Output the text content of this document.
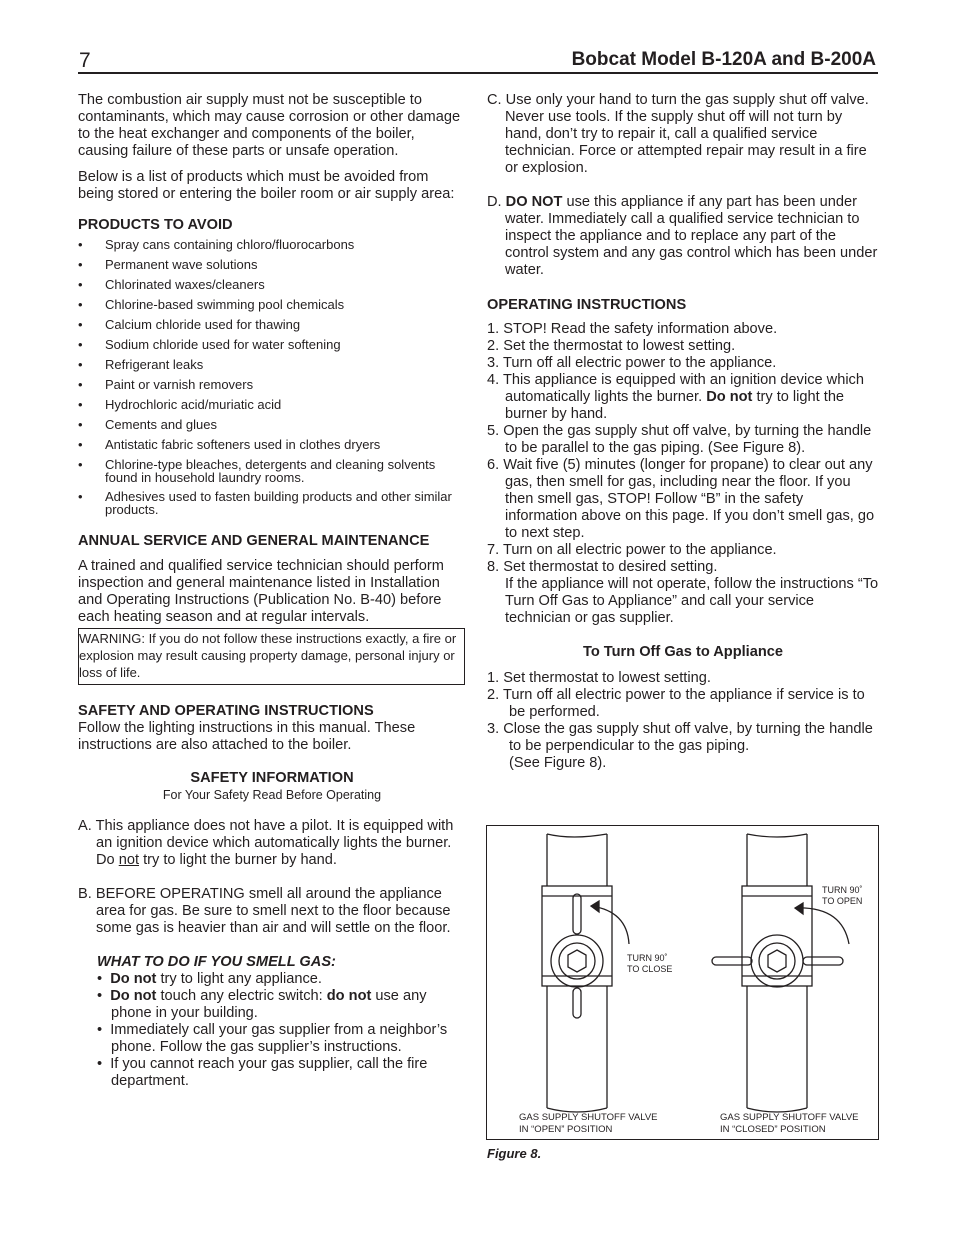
7	Bobcat Model B-120A and B-200A

The combustion air supply must not be susceptible to contaminants, which may cause corrosion or other damage to the heat exchanger and components of the boiler, causing failure of these parts or unsafe operation.

Below is a list of products which must be avoided from being stored or entering the boiler room or air supply area:

PRODUCTS TO AVOID

• Spray cans containing chloro/fluorocarbons
• Permanent wave solutions
• Chlorinated waxes/cleaners
• Chlorine-based swimming pool chemicals
• Calcium chloride used for thawing
• Sodium chloride used for water softening
• Refrigerant leaks
• Paint or varnish removers
• Hydrochloric acid/muriatic acid
• Cements and glues
• Antistatic fabric softeners used in clothes dryers
• Chlorine-type bleaches, detergents and cleaning solvents found in household laundry rooms.
• Adhesives used to fasten building products and other similar products.

ANNUAL SERVICE AND GENERAL MAINTENANCE

A trained and qualified service technician should perform inspection and general maintenance listed in Installation and Operating Instructions (Publication No. B-40) before each heating season and at regular intervals.

WARNING: If you do not follow these instructions exactly, a fire or explosion may result causing property damage, personal injury or loss of life.

SAFETY AND OPERATING INSTRUCTIONS

Follow the lighting instructions in this manual. These instructions are also attached to the boiler.

SAFETY INFORMATION

For Your Safety Read Before Operating

A. This appliance does not have a pilot. It is equipped with an ignition device which automatically lights the burner. Do not try to light the burner by hand.

B. BEFORE OPERATING smell all around the appliance area for gas. Be sure to smell next to the floor because some gas is heavier than air and will settle on the floor.

WHAT TO DO IF YOU SMELL GAS:

•  Do not try to light any appliance.
•  Do not touch any electric switch: do not use any phone in your building.
•  Immediately call your gas supplier from a neighbor’s phone. Follow the gas supplier’s instructions.
•  If you cannot reach your gas supplier, call the fire department.

C. Use only your hand to turn the gas supply shut off valve. Never use tools. If the supply shut off will not turn by hand, don’t try to repair it, call a qualified service technician. Force or attempted repair may result in a fire or explosion.

D. DO NOT use this appliance if any part has been under water. Immediately call a qualified service technician to inspect the appliance and to replace any part of the control system and any gas control which has been under water.

OPERATING INSTRUCTIONS

1. STOP! Read the safety information above.

2. Set the thermostat to lowest setting.

3. Turn off all electric power to the appliance.

4. This appliance is equipped with an ignition device which automatically lights the burner. Do not try to light the burner by hand.

5. Open the gas supply shut off valve, by turning the handle to be parallel to the gas piping. (See Figure 8).

6. Wait five (5) minutes (longer for propane) to clear out any gas, then smell for gas, including near the floor. If you then smell gas, STOP! Follow “B” in the safety information above on this page. If you don’t smell gas, go to next step.

7. Turn on all electric power to the appliance.

8. Set thermostat to desired setting.

If the appliance will not operate, follow the instructions “To Turn Off Gas to Appliance” and call your service technician or gas supplier.

To Turn Off Gas to Appliance

1. Set thermostat to lowest setting.

2. Turn off all electric power to the appliance if service is to be performed.

3. Close the gas supply shut off valve, by turning the handle to be perpendicular to the gas piping.

(See Figure 8).

TURN 90˚
TO CLOSE
TURN 90˚
TO OPEN
GAS SUPPLY SHUTOFF VALVE
IN “OPEN” POSITION
GAS SUPPLY SHUTOFF VALVE
IN “CLOSED” POSITION
Figure 8.
